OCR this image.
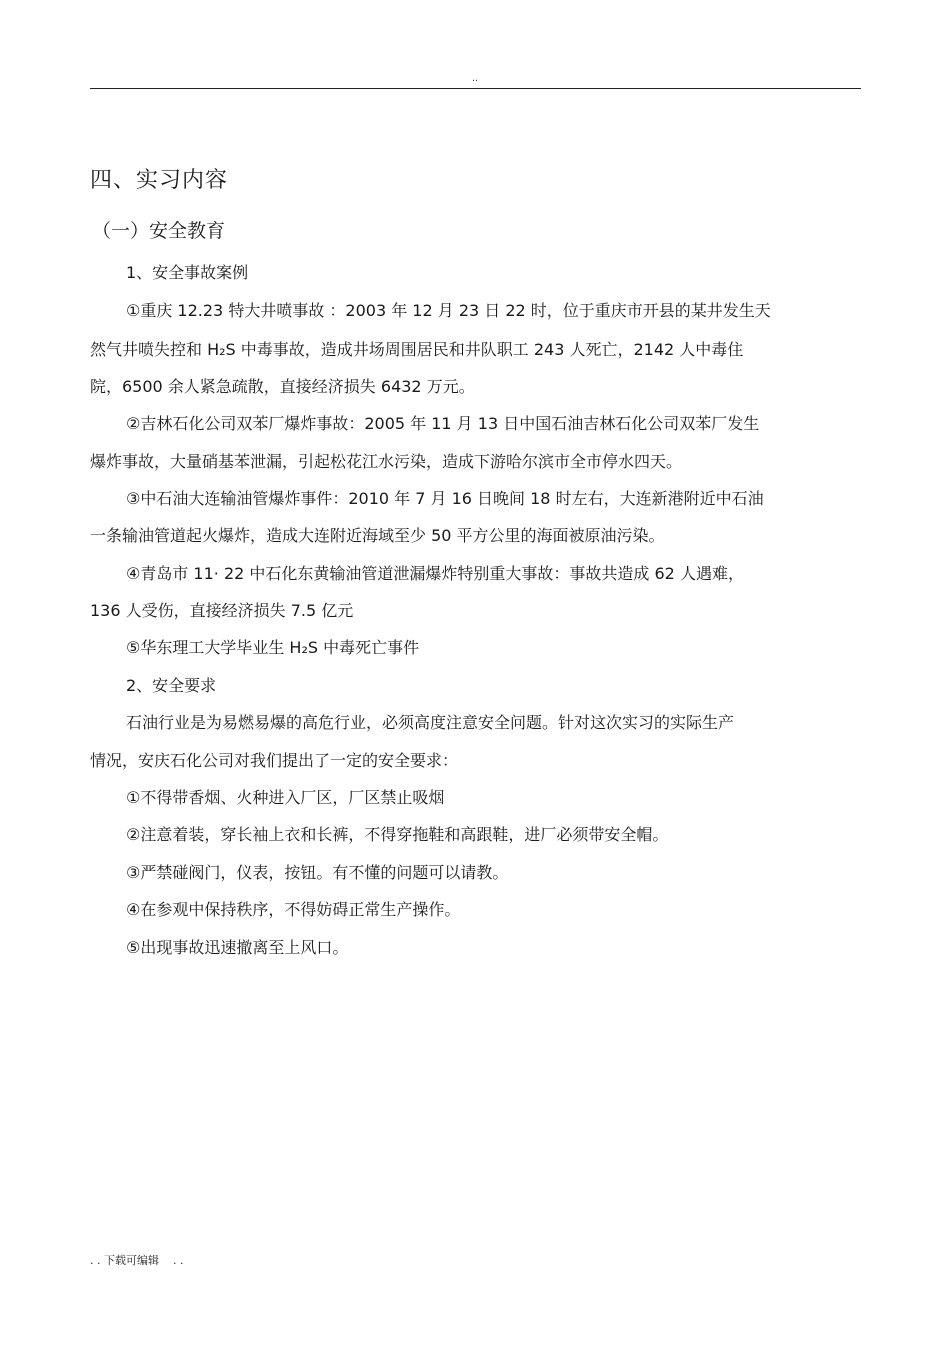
..
四、实习内容
（一）安全教育
1、安全事故案例
①重庆 12.23 特大井喷事故 ：2003 年 12 月 23 日 22 时，位于重庆市开县的某井发生天
然气井喷失控和 H₂S 中毒事故，造成井场周围居民和井队职工 243 人死亡，2142 人中毒住
院，6500 余人紧急疏散，直接经济损失 6432 万元。
②吉林石化公司双苯厂爆炸事故：2005 年 11 月 13 日中国石油吉林石化公司双苯厂发生
爆炸事故，大量硝基苯泄漏，引起松花江水污染，造成下游哈尔滨市全市停水四天。
③中石油大连输油管爆炸事件：2010 年 7 月 16 日晚间 18 时左右，大连新港附近中石油
一条输油管道起火爆炸，造成大连附近海域至少 50 平方公里的海面被原油污染。
④青岛市 11· 22 中石化东黄输油管道泄漏爆炸特别重大事故：事故共造成 62 人遇难，
136 人受伤，直接经济损失 7.5 亿元
⑤华东理工大学毕业生 H₂S 中毒死亡事件
2、安全要求
石油行业是为易燃易爆的高危行业，必须高度注意安全问题。针对这次实习的实际生产
情况，安庆石化公司对我们提出了一定的安全要求：
①不得带香烟、火种进入厂区，厂区禁止吸烟
②注意着装，穿长袖上衣和长裤，不得穿拖鞋和高跟鞋，进厂必须带安全帽。
③严禁碰阀门，仪表，按钮。有不懂的问题可以请教。
④在参观中保持秩序，不得妨碍正常生产操作。
⑤出现事故迅速撤离至上风口。
. . 下载可编辑    . .
